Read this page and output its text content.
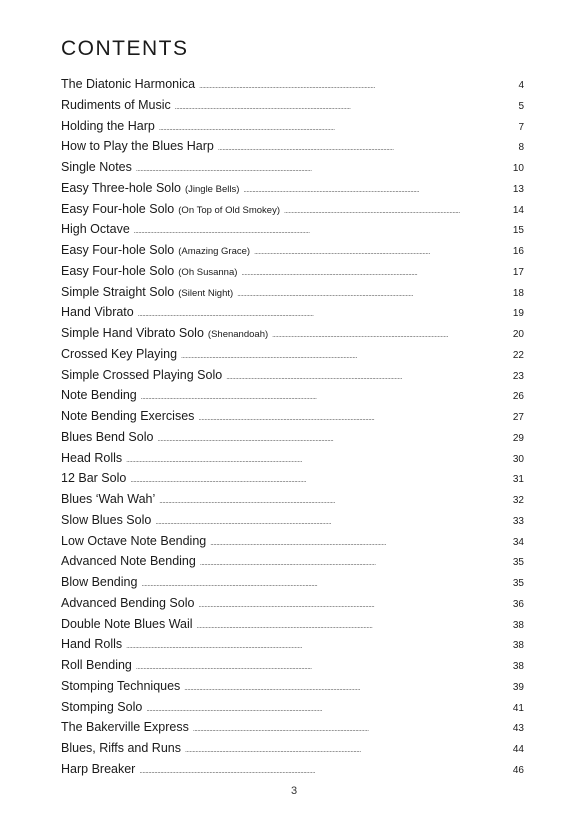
CONTENTS
The Diatonic Harmonica . . .	4
Rudiments of Music . . .	5
Holding the Harp . . .	7
How to Play the Blues Harp . . .	8
Single Notes . . .	10
Easy Three-hole Solo (Jingle Bells) . . .	13
Easy Four-hole Solo (On Top of Old Smokey) . . .	14
High Octave . . .	15
Easy Four-hole Solo (Amazing Grace) . . .	16
Easy Four-hole Solo (Oh Susanna) . . .	17
Simple Straight Solo (Silent Night) . . .	18
Hand Vibrato . . .	19
Simple Hand Vibrato Solo (Shenandoah) . . .	20
Crossed Key Playing . . .	22
Simple Crossed Playing Solo . . .	23
Note Bending . . .	26
Note Bending Exercises . . .	27
Blues Bend Solo . . .	29
Head Rolls . . .	30
12 Bar Solo . . .	31
Blues ‘Wah Wah’ . . .	32
Slow Blues Solo . . .	33
Low Octave Note Bending . . .	34
Advanced Note Bending . . .	35
Blow Bending . . .	35
Advanced Bending Solo . . .	36
Double Note Blues Wail . . .	38
Hand Rolls . . .	38
Roll Bending . . .	38
Stomping Techniques . . .	39
Stomping Solo . . .	41
The Bakerville Express . . .	43
Blues, Riffs and Runs . . .	44
Harp Breaker . . .	46
3
